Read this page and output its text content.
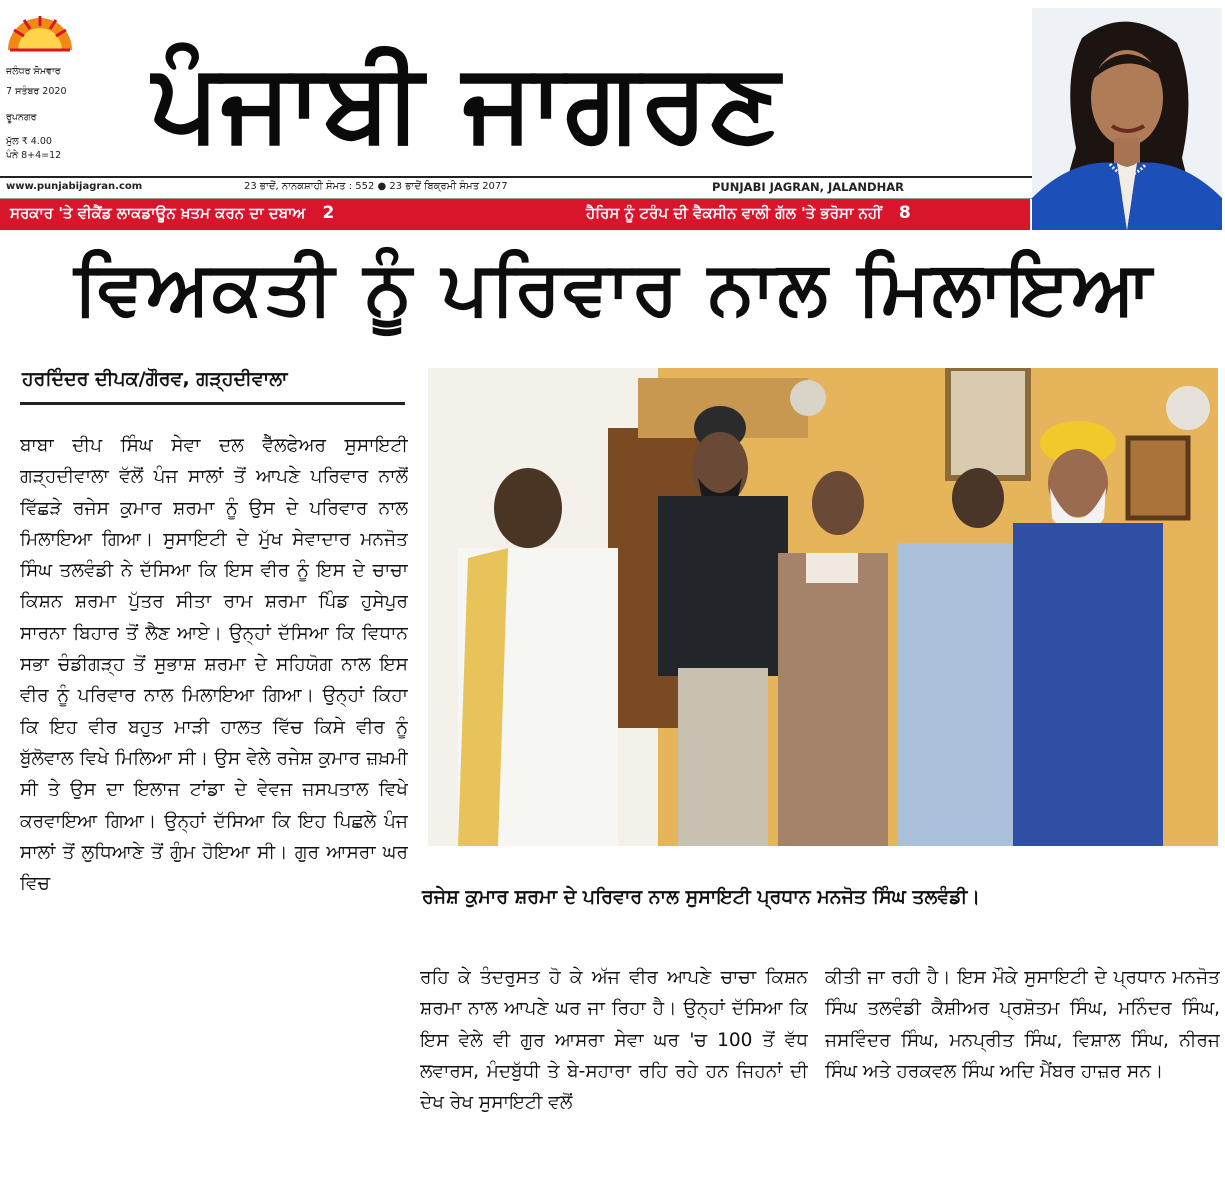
ਜਲੰਧਰ ਸੋਮਵਾਰ
7 ਸਤੰਬਰ 2020
ਰੂਪਨਗਰ
ਮੁੱਲ ₹ 4.00
ਪੰਨੇ 8+4=12 ਪੰਜਾਬੀ ਜਾਗਰਣ
www.punjabijagran.com	23 ਭਾਦੋਂ, ਨਾਨਕਸ਼ਾਹੀ ਸੰਮਤ : 552 ● 23 ਭਾਦੋਂ ਬਿਕ੍ਰਮੀ ਸੰਮਤ 2077	PUNJABI JAGRAN, JALANDHAR
ਸਰਕਾਰ 'ਤੇ ਵੀਕੈਂਡ ਲਾਕਡਾਊਨ ਖ਼ਤਮ ਕਰਨ ਦਾ ਦਬਾਅ 2	ਹੈਰਿਸ ਨੂੰ ਟਰੰਪ ਦੀ ਵੈਕਸੀਨ ਵਾਲੀ ਗੱਲ 'ਤੇ ਭਰੋਸਾ ਨਹੀਂ 8
ਵਿਅਕਤੀ ਨੂੰ ਪਰਿਵਾਰ ਨਾਲ ਮਿਲਾਇਆ
ਹਰਦਿੰਦਰ ਦੀਪਕ/ਗੌਰਵ, ਗੜ੍ਹਦੀਵਾਲਾ
ਬਾਬਾ ਦੀਪ ਸਿੰਘ ਸੇਵਾ ਦਲ ਵੈੱਲਫੇਅਰ ਸੁਸਾਇਟੀ ਗੜ੍ਹਦੀਵਾਲਾ ਵੱਲੋਂ ਪੰਜ ਸਾਲਾਂ ਤੋਂ ਆਪਣੇ ਪਰਿਵਾਰ ਨਾਲੋਂ ਵਿੱਛੜੇ ਰਜੇਸ ਕੁਮਾਰ ਸ਼ਰਮਾ ਨੂੰ ਉਸ ਦੇ ਪਰਿਵਾਰ ਨਾਲ ਮਿਲਾਇਆ ਗਿਆ। ਸੁਸਾਇਟੀ ਦੇ ਮੁੱਖ ਸੇਵਾਦਾਰ ਮਨਜੋਤ ਸਿੰਘ ਤਲਵੰਡੀ ਨੇ ਦੱਸਿਆ ਕਿ ਇਸ ਵੀਰ ਨੂੰ ਇਸ ਦੇ ਚਾਚਾ ਕਿਸ਼ਨ ਸ਼ਰਮਾ ਪੁੱਤਰ ਸੀਤਾ ਰਾਮ ਸ਼ਰਮਾ ਪਿੰਡ ਹੁਸੇਪੁਰ ਸਾਰਨਾ ਬਿਹਾਰ ਤੋਂ ਲੈਣ ਆਏ। ਉਨ੍ਹਾਂ ਦੱਸਿਆ ਕਿ ਵਿਧਾਨ ਸਭਾ ਚੰਡੀਗੜ੍ਹ ਤੋਂ ਸੁਭਾਸ਼ ਸ਼ਰਮਾ ਦੇ ਸਹਿਯੋਗ ਨਾਲ ਇਸ ਵੀਰ ਨੂੰ ਪਰਿਵਾਰ ਨਾਲ ਮਿਲਾਇਆ ਗਿਆ। ਉਨ੍ਹਾਂ ਕਿਹਾ ਕਿ ਇਹ ਵੀਰ ਬਹੁਤ ਮਾੜੀ ਹਾਲਤ ਵਿੱਚ ਕਿਸੇ ਵੀਰ ਨੂੰ ਬੁੱਲੋਵਾਲ ਵਿਖੇ ਮਿਲਿਆ ਸੀ। ਉਸ ਵੇਲੇ ਰਜੇਸ਼ ਕੁਮਾਰ ਜ਼ਖ਼ਮੀ ਸੀ ਤੇ ਉਸ ਦਾ ਇਲਾਜ ਟਾਂਡਾ ਦੇ ਵੇਵਜ ਜਸਪਤਾਲ ਵਿਖੇ ਕਰਵਾਇਆ ਗਿਆ। ਉਨ੍ਹਾਂ ਦੱਸਿਆ ਕਿ ਇਹ ਪਿਛਲੇ ਪੰਜ ਸਾਲਾਂ ਤੋਂ ਲੁਧਿਆਣੇ ਤੋਂ ਗੁੰਮ ਹੋਇਆ ਸੀ। ਗੁਰ ਆਸਰਾ ਘਰ ਵਿਚ
ਰਜੇਸ਼ ਕੁਮਾਰ ਸ਼ਰਮਾ ਦੇ ਪਰਿਵਾਰ ਨਾਲ ਸੁਸਾਇਟੀ ਪ੍ਰਧਾਨ ਮਨਜੋਤ ਸਿੰਘ ਤਲਵੰਡੀ।
ਰਹਿ ਕੇ ਤੰਦਰੁਸਤ ਹੋ ਕੇ ਅੱਜ ਵੀਰ ਆਪਣੇ ਚਾਚਾ ਕਿਸ਼ਨ ਸ਼ਰਮਾ ਨਾਲ ਆਪਣੇ ਘਰ ਜਾ ਰਿਹਾ ਹੈ। ਉਨ੍ਹਾਂ ਦੱਸਿਆ ਕਿ ਇਸ ਵੇਲੇ ਵੀ ਗੁਰ ਆਸਰਾ ਸੇਵਾ ਘਰ 'ਚ 100 ਤੋਂ ਵੱਧ ਲਵਾਰਸ, ਮੰਦਬੁੱਧੀ ਤੇ ਬੇ-ਸਹਾਰਾ ਰਹਿ ਰਹੇ ਹਨ ਜਿਹਨਾਂ ਦੀ ਦੇਖ ਰੇਖ ਸੁਸਾਇਟੀ ਵਲੋਂ
ਕੀਤੀ ਜਾ ਰਹੀ ਹੈ। ਇਸ ਮੌਕੇ ਸੁਸਾਇਟੀ ਦੇ ਪ੍ਰਧਾਨ ਮਨਜੋਤ ਸਿੰਘ ਤਲਵੰਡੀ ਕੈਸ਼ੀਅਰ ਪ੍ਰਸ਼ੋਤਮ ਸਿੰਘ, ਮਨਿੰਦਰ ਸਿੰਘ, ਜਸਵਿੰਦਰ ਸਿੰਘ, ਮਨਪ੍ਰੀਤ ਸਿੰਘ, ਵਿਸ਼ਾਲ ਸਿੰਘ, ਨੀਰਜ ਸਿੰਘ ਅਤੇ ਹਰਕਵਲ ਸਿੰਘ ਅਦਿ ਮੈਂਬਰ ਹਾਜ਼ਰ ਸਨ।
